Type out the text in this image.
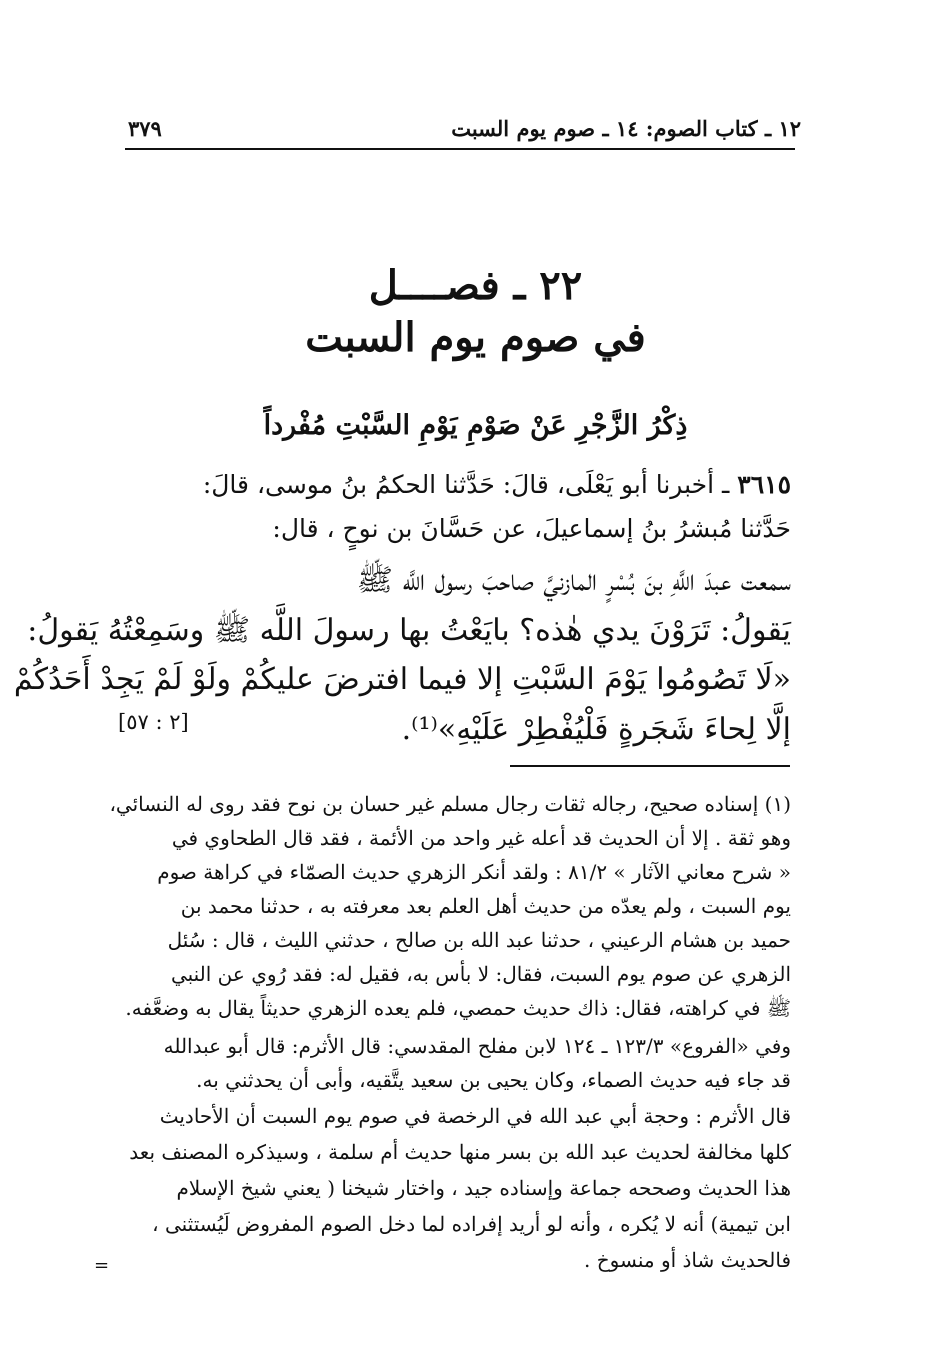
١٢ ـ كتاب الصوم: ١٤ ـ صوم يوم السبت
٣٧٩
٢٢ ـ فصــــل
في صوم يوم السبت
ذِكْرُ الزَّجْرِ عَنْ صَوْمِ يَوْمِ السَّبْتِ مُفْرداً
٣٦١٥ ـ أخبرنا أبو يَعْلَى، قالَ: حَدَّثنا الحكمُ بنُ موسى، قالَ:
حَدَّثنا مُبشرُ بنُ إسماعيلَ، عن حَسَّانَ بن نوحٍ ، قال:
سمعت عبدَ اللَّهِ بنَ بُسْرٍ المازنيَّ صاحبَ رسول اللَّه ﷺ
يَقولُ: تَرَوْنَ يدي هٰذه؟ بايَعْتُ بها رسولَ اللَّه ﷺ وسَمِعْتُهُ يَقولُ:
«لَا تَصُومُوا يَوْمَ السَّبْتِ إلا فيما افترضَ عليكُمْ ولَوْ لَمْ يَجِدْ أَحَدُكُمْ
إلَّا لِحاءَ شَجَرةٍ فَلْيُفْطِرْ عَلَيْهِ»⁽¹⁾.
[٢ : ٥٧]
(١) إسناده صحيح، رجاله ثقات رجال مسلم غير حسان بن نوح فقد روى له النسائي،
وهو ثقة . إلا أن الحديث قد أعله غير واحد من الأئمة ، فقد قال الطحاوي في
« شرح معاني الآثار » ٨١/٢ : ولقد أنكر الزهري حديث الصمّاء في كراهة صوم
يوم السبت ، ولم يعدّه من حديث أهل العلم بعد معرفته به ، حدثنا محمد بن
حميد بن هشام الرعيني ، حدثنا عبد الله بن صالح ، حدثني الليث ، قال : سُئل
الزهري عن صوم يوم السبت، فقال: لا بأس به، فقيل له: فقد رُوي عن النبي
ﷺ في كراهته، فقال: ذاك حديث حمصي، فلم يعده الزهري حديثاً يقال به وضعَّفه.
وفي «الفروع» ١٢٣/٣ ـ ١٢٤ لابن مفلح المقدسي: قال الأثرم: قال أبو عبدالله
قد جاء فيه حديث الصماء، وكان يحيى بن سعيد يتَّقيه، وأبى أن يحدثني به.
قال الأثرم : وحجة أبي عبد الله في الرخصة في صوم يوم السبت أن الأحاديث
كلها مخالفة لحديث عبد الله بن بسر منها حديث أم سلمة ، وسيذكره المصنف بعد
هذا الحديث وصححه جماعة وإسناده جيد ، واختار شيخنا ( يعني شيخ الإسلام
ابن تيمية) أنه لا يُكره ، وأنه لو أريد إفراده لما دخل الصوم المفروض لَيُستثنى ،
فالحديث شاذ أو منسوخ .
=
